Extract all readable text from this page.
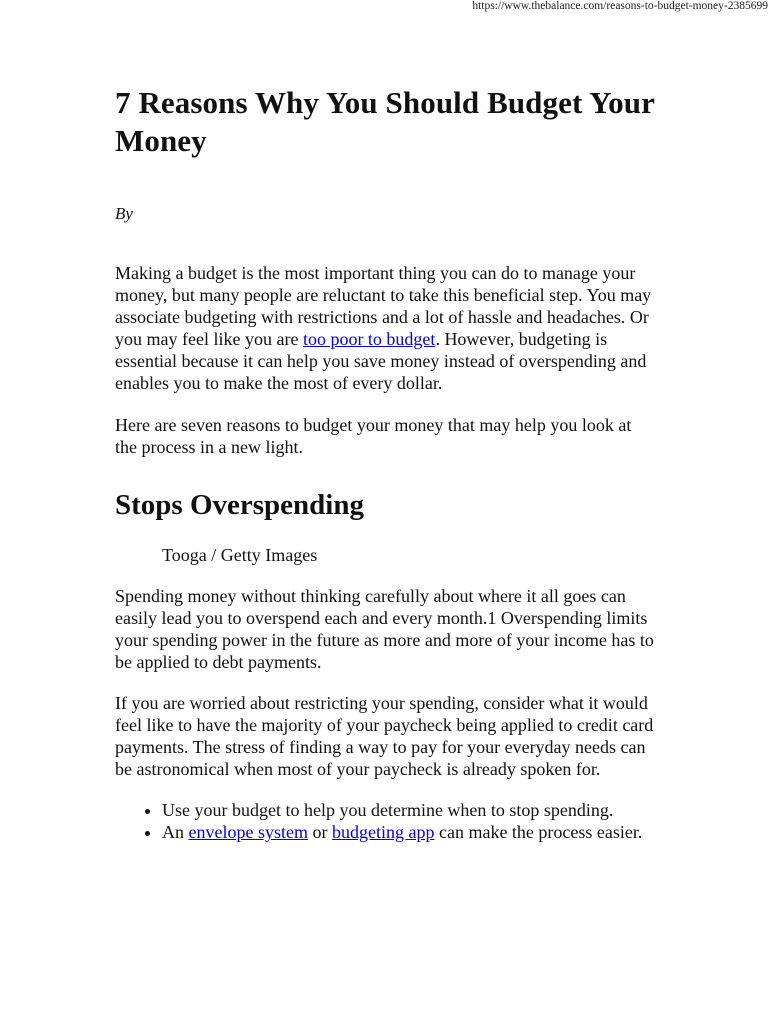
https://www.thebalance.com/reasons-to-budget-money-2385699
7 Reasons Why You Should Budget Your Money
By

Making a budget is the most important thing you can do to manage your money, but many people are reluctant to take this beneficial step. You may associate budgeting with restrictions and a lot of hassle and headaches. Or you may feel like you are too poor to budget. However, budgeting is essential because it can help you save money instead of overspending and enables you to make the most of every dollar.

Here are seven reasons to budget your money that may help you look at the process in a new light.

Stops Overspending
Tooga / Getty Images

Spending money without thinking carefully about where it all goes can easily lead you to overspend each and every month.1 Overspending limits your spending power in the future as more and more of your income has to be applied to debt payments.

If you are worried about restricting your spending, consider what it would feel like to have the majority of your paycheck being applied to credit card payments. The stress of finding a way to pay for your everyday needs can be astronomical when most of your paycheck is already spoken for.

• Use your budget to help you determine when to stop spending.
• An envelope system or budgeting app can make the process easier.
